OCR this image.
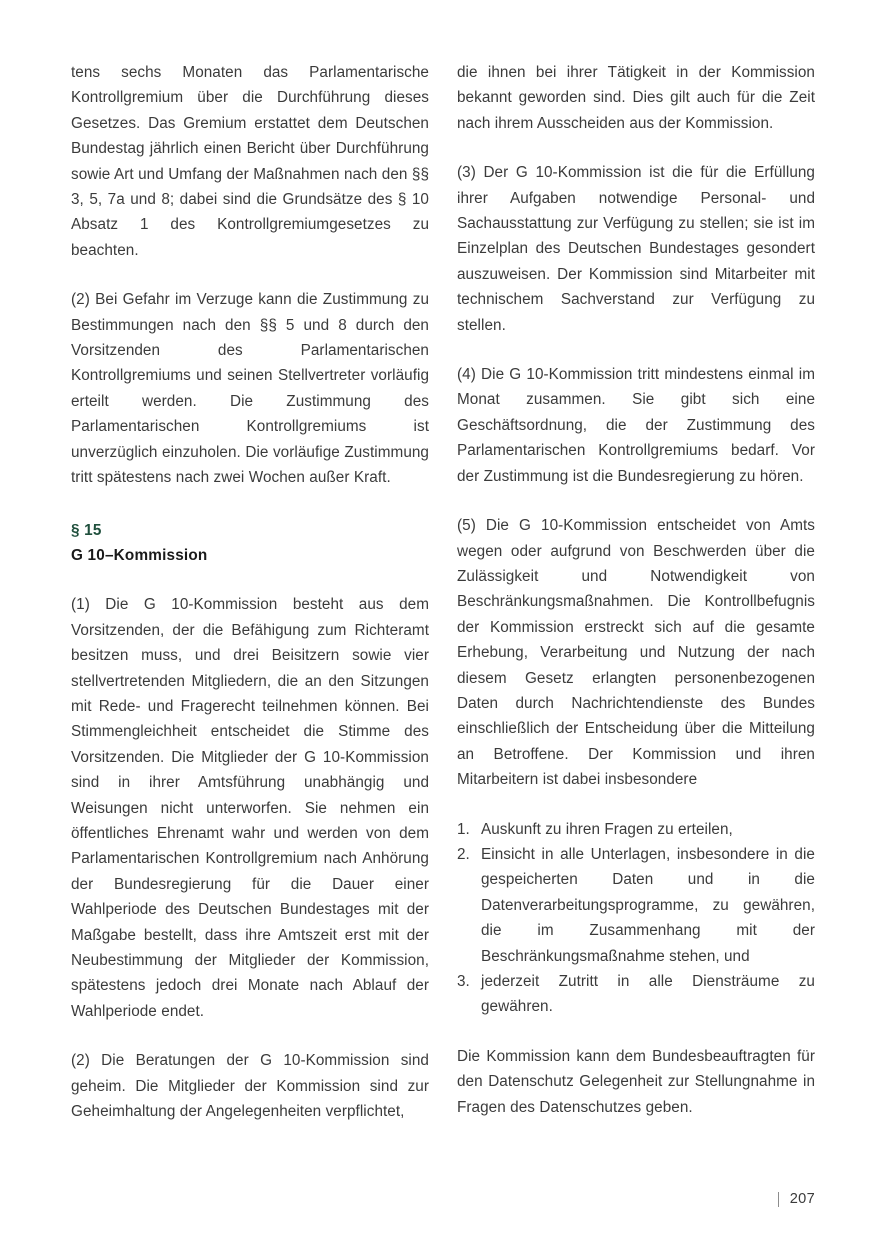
tens sechs Monaten das Parlamentarische Kontrollgremium über die Durchführung dieses Gesetzes. Das Gremium erstattet dem Deutschen Bundestag jährlich einen Bericht über Durchführung sowie Art und Umfang der Maßnahmen nach den §§ 3, 5, 7a und 8; dabei sind die Grundsätze des § 10 Absatz 1 des Kontrollgremiumgesetzes zu beachten.

(2) Bei Gefahr im Verzuge kann die Zustimmung zu Bestimmungen nach den §§ 5 und 8 durch den Vorsitzenden des Parlamentarischen Kontrollgremiums und seinen Stellvertreter vorläufig erteilt werden. Die Zustimmung des Parlamentarischen Kontrollgremiums ist unverzüglich einzuholen. Die vorläufige Zustimmung tritt spätestens nach zwei Wochen außer Kraft.

§ 15
G 10–Kommission

(1) Die G 10-Kommission besteht aus dem Vorsitzenden, der die Befähigung zum Richteramt besitzen muss, und drei Beisitzern sowie vier stellvertretenden Mitgliedern, die an den Sitzungen mit Rede- und Fragerecht teilnehmen können. Bei Stimmengleichheit entscheidet die Stimme des Vorsitzenden. Die Mitglieder der G 10-Kommission sind in ihrer Amtsführung unabhängig und Weisungen nicht unterworfen. Sie nehmen ein öffentliches Ehrenamt wahr und werden von dem Parlamentarischen Kontrollgremium nach Anhörung der Bundesregierung für die Dauer einer Wahlperiode des Deutschen Bundestages mit der Maßgabe bestellt, dass ihre Amtszeit erst mit der Neubestimmung der Mitglieder der Kommission, spätestens jedoch drei Monate nach Ablauf der Wahlperiode endet.

(2) Die Beratungen der G 10-Kommission sind geheim. Die Mitglieder der Kommission sind zur Geheimhaltung der Angelegenheiten verpflichtet,

die ihnen bei ihrer Tätigkeit in der Kommission bekannt geworden sind. Dies gilt auch für die Zeit nach ihrem Ausscheiden aus der Kommission.

(3) Der G 10-Kommission ist die für die Erfüllung ihrer Aufgaben notwendige Personal- und Sachausstattung zur Verfügung zu stellen; sie ist im Einzelplan des Deutschen Bundestages gesondert auszuweisen. Der Kommission sind Mitarbeiter mit technischem Sachverstand zur Verfügung zu stellen.

(4) Die G 10-Kommission tritt mindestens einmal im Monat zusammen. Sie gibt sich eine Geschäftsordnung, die der Zustimmung des Parlamentarischen Kontrollgremiums bedarf. Vor der Zustimmung ist die Bundesregierung zu hören.

(5) Die G 10-Kommission entscheidet von Amts wegen oder aufgrund von Beschwerden über die Zulässigkeit und Notwendigkeit von Beschränkungsmaßnahmen. Die Kontrollbefugnis der Kommission erstreckt sich auf die gesamte Erhebung, Verarbeitung und Nutzung der nach diesem Gesetz erlangten personenbezogenen Daten durch Nachrichtendienste des Bundes einschließlich der Entscheidung über die Mitteilung an Betroffene. Der Kommission und ihren Mitarbeitern ist dabei insbesondere

1. Auskunft zu ihren Fragen zu erteilen,
2. Einsicht in alle Unterlagen, insbesondere in die gespeicherten Daten und in die Datenverarbeitungsprogramme, zu gewähren, die im Zusammenhang mit der Beschränkungsmaßnahme stehen, und
3. jederzeit Zutritt in alle Diensträume zu gewähren.

Die Kommission kann dem Bundesbeauftragten für den Datenschutz Gelegenheit zur Stellungnahme in Fragen des Datenschutzes geben.

207
